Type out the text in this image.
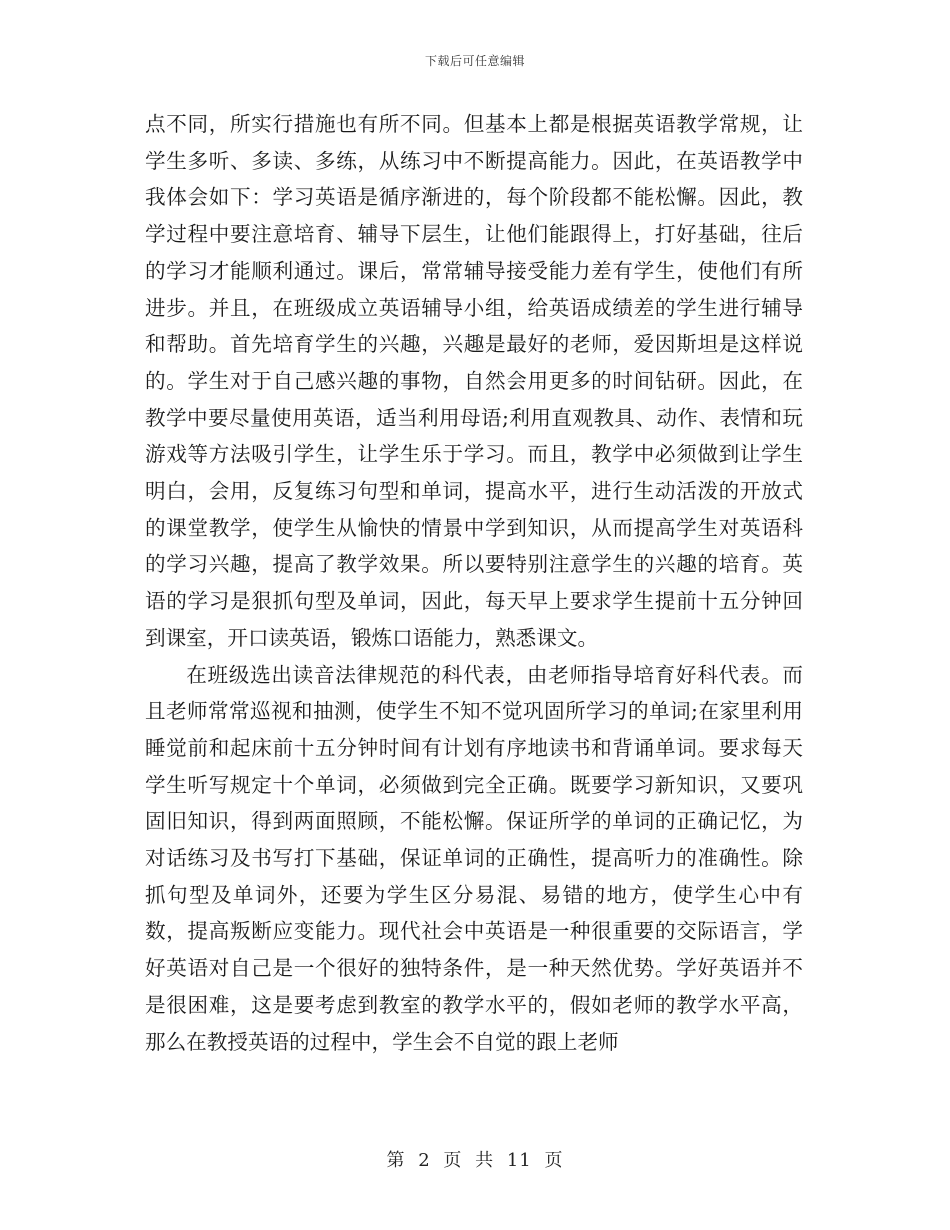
下载后可任意编辑

点不同，所实行措施也有所不同。但基本上都是根据英语教学常规，让学生多听、多读、多练，从练习中不断提高能力。因此，在英语教学中我体会如下：学习英语是循序渐进的，每个阶段都不能松懈。因此，教学过程中要注意培育、辅导下层生，让他们能跟得上，打好基础，往后的学习才能顺利通过。课后，常常辅导接受能力差有学生，使他们有所进步。并且，在班级成立英语辅导小组，给英语成绩差的学生进行辅导和帮助。首先培育学生的兴趣，兴趣是最好的老师，爱因斯坦是这样说的。学生对于自己感兴趣的事物，自然会用更多的时间钻研。因此，在教学中要尽量使用英语，适当利用母语;利用直观教具、动作、表情和玩游戏等方法吸引学生，让学生乐于学习。而且，教学中必须做到让学生明白，会用，反复练习句型和单词，提高水平，进行生动活泼的开放式的课堂教学，使学生从愉快的情景中学到知识，从而提高学生对英语科的学习兴趣，提高了教学效果。所以要特别注意学生的兴趣的培育。英语的学习是狠抓句型及单词，因此，每天早上要求学生提前十五分钟回到课室，开口读英语，锻炼口语能力，熟悉课文。

在班级选出读音法律规范的科代表，由老师指导培育好科代表。而且老师常常巡视和抽测，使学生不知不觉巩固所学习的单词;在家里利用睡觉前和起床前十五分钟时间有计划有序地读书和背诵单词。要求每天学生听写规定十个单词，必须做到完全正确。既要学习新知识，又要巩固旧知识，得到两面照顾，不能松懈。保证所学的单词的正确记忆，为对话练习及书写打下基础，保证单词的正确性，提高听力的准确性。除抓句型及单词外，还要为学生区分易混、易错的地方，使学生心中有数，提高叛断应变能力。现代社会中英语是一种很重要的交际语言，学好英语对自己是一个很好的独特条件，是一种天然优势。学好英语并不是很困难，这是要考虑到教室的教学水平的，假如老师的教学水平高，那么在教授英语的过程中，学生会不自觉的跟上老师

第 2 页 共 11 页
